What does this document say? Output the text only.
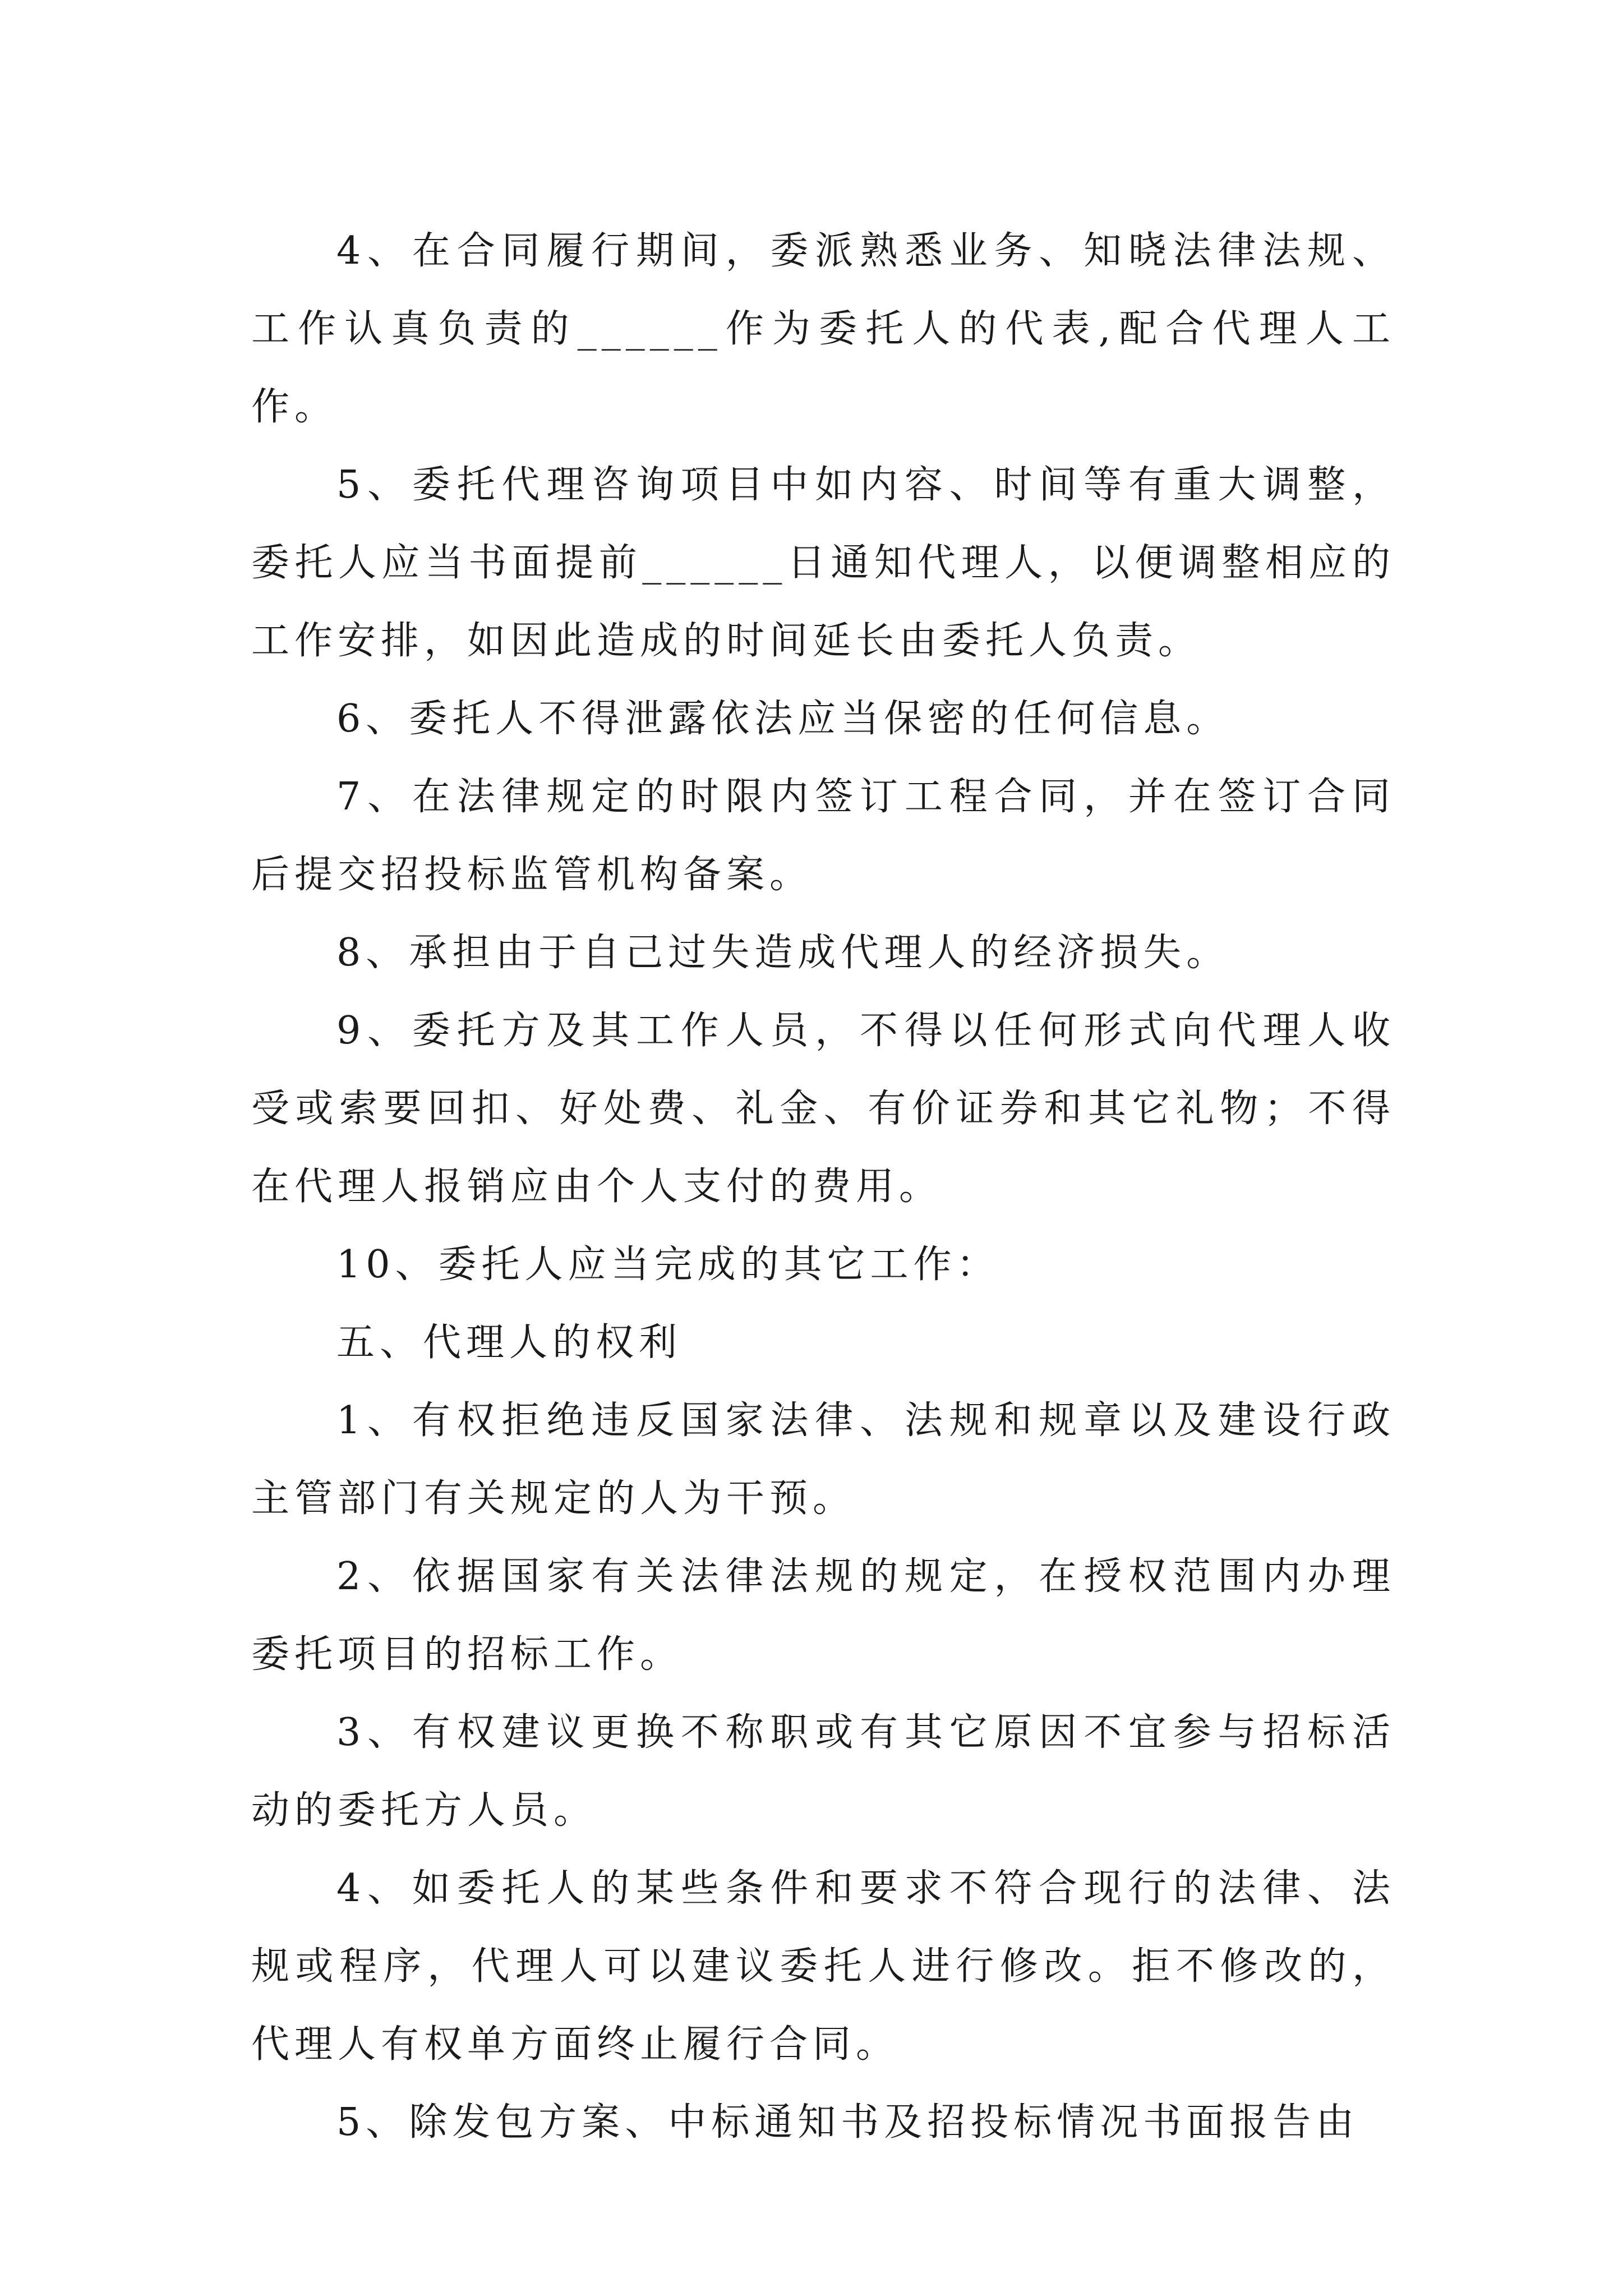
4、在合同履行期间，委派熟悉业务、知晓法律法规、工作认真负责的______作为委托人的代表,配合代理人工作。

5、委托代理咨询项目中如内容、时间等有重大调整，委托人应当书面提前______日通知代理人，以便调整相应的工作安排，如因此造成的时间延长由委托人负责。

6、委托人不得泄露依法应当保密的任何信息。

7、在法律规定的时限内签订工程合同，并在签订合同后提交招投标监管机构备案。

8、承担由于自己过失造成代理人的经济损失。

9、委托方及其工作人员，不得以任何形式向代理人收受或索要回扣、好处费、礼金、有价证券和其它礼物；不得在代理人报销应由个人支付的费用。

10、委托人应当完成的其它工作：

五、代理人的权利

1、有权拒绝违反国家法律、法规和规章以及建设行政主管部门有关规定的人为干预。

2、依据国家有关法律法规的规定，在授权范围内办理委托项目的招标工作。

3、有权建议更换不称职或有其它原因不宜参与招标活动的委托方人员。

4、如委托人的某些条件和要求不符合现行的法律、法规或程序，代理人可以建议委托人进行修改。拒不修改的，代理人有权单方面终止履行合同。

5、除发包方案、中标通知书及招投标情况书面报告由
